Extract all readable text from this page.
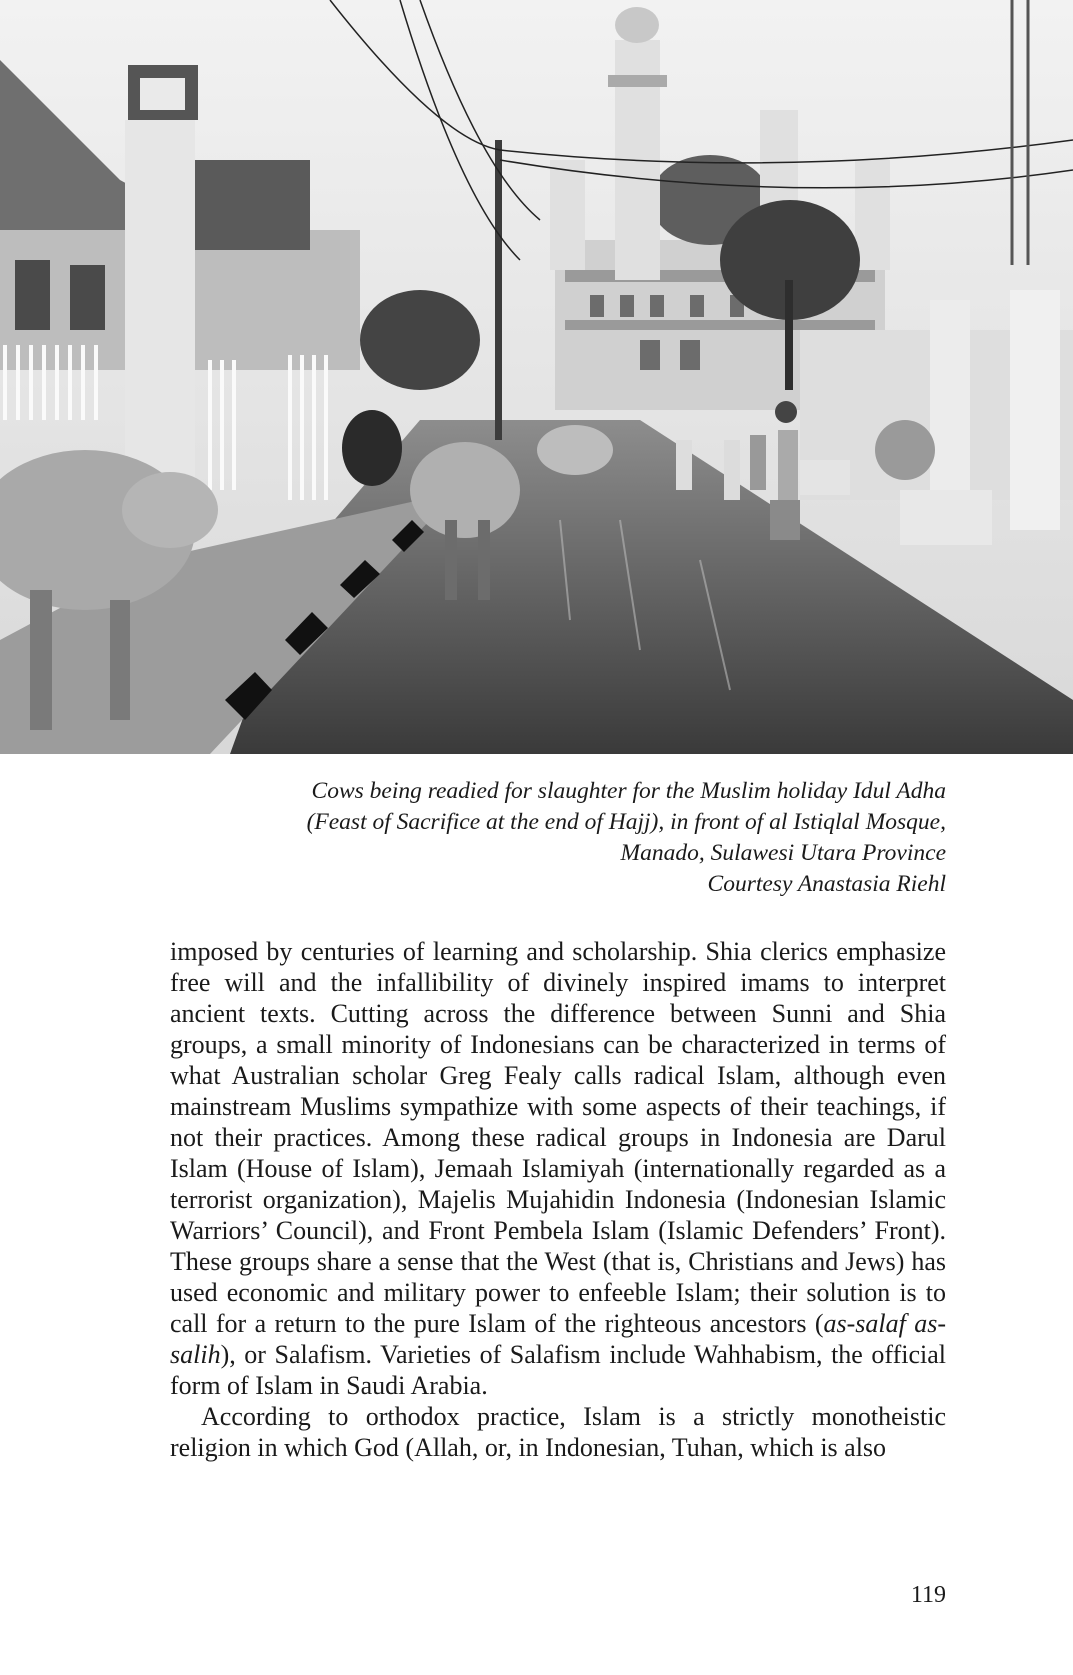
Cows being readied for slaughter for the Muslim holiday Idul Adha
(Feast of Sacrifice at the end of Hajj), in front of al Istiqlal Mosque,
Manado, Sulawesi Utara Province
Courtesy Anastasia Riehl

imposed by centuries of learning and scholarship. Shia clerics emphasize free will and the infallibility of divinely inspired imams to interpret ancient texts. Cutting across the difference between Sunni and Shia groups, a small minority of Indonesians can be characterized in terms of what Australian scholar Greg Fealy calls radical Islam, although even mainstream Muslims sympathize with some aspects of their teachings, if not their practices. Among these radical groups in Indonesia are Darul Islam (House of Islam), Jemaah Islamiyah (internationally regarded as a terrorist organization), Majelis Mujahidin Indonesia (Indonesian Islamic Warriors’ Council), and Front Pembela Islam (Islamic Defenders’ Front). These groups share a sense that the West (that is, Christians and Jews) has used economic and military power to enfeeble Islam; their solution is to call for a return to the pure Islam of the righteous ancestors (as-salaf as-salih), or Salafism. Varieties of Salafism include Wahhabism, the official form of Islam in Saudi Arabia.

According to orthodox practice, Islam is a strictly monotheistic religion in which God (Allah, or, in Indonesian, Tuhan, which is also

119
